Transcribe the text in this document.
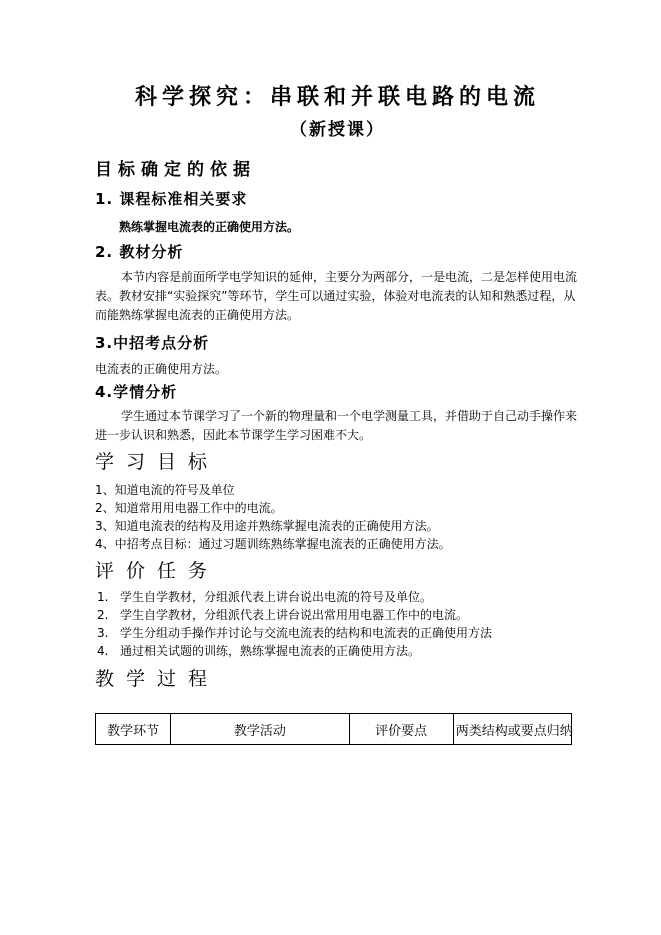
科学探究：串联和并联电路的电流
（新授课）
目标确定的依据
1. 课程标准相关要求

熟练掌握电流表的正确使用方法。

2. 教材分析

本节内容是前面所学电学知识的延伸，主要分为两部分，一是电流，二是怎样使用电流表。教材安排“实验探究”等环节，学生可以通过实验，体验对电流表的认知和熟悉过程，从而能熟练掌握电流表的正确使用方法。

3.中招考点分析

电流表的正确使用方法。

4.学情分析

学生通过本节课学习了一个新的物理量和一个电学测量工具，并借助于自己动手操作来进一步认识和熟悉，因此本节课学生学习困难不大。

学习目标

1、知道电流的符号及单位

2、知道常用用电器工作中的电流。

3、知道电流表的结构及用途并熟练掌握电流表的正确使用方法。

4、中招考点目标：通过习题训练熟练掌握电流表的正确使用方法。

评价任务

1. 学生自学教材，分组派代表上讲台说出电流的符号及单位。

2. 学生自学教材，分组派代表上讲台说出常用用电器工作中的电流。

3. 学生分组动手操作并讨论与交流电流表的结构和电流表的正确使用方法

4. 通过相关试题的训练，熟练掌握电流表的正确使用方法。

教学过程
教学环节	教学活动	评价要点	两类结构或要点归纳
